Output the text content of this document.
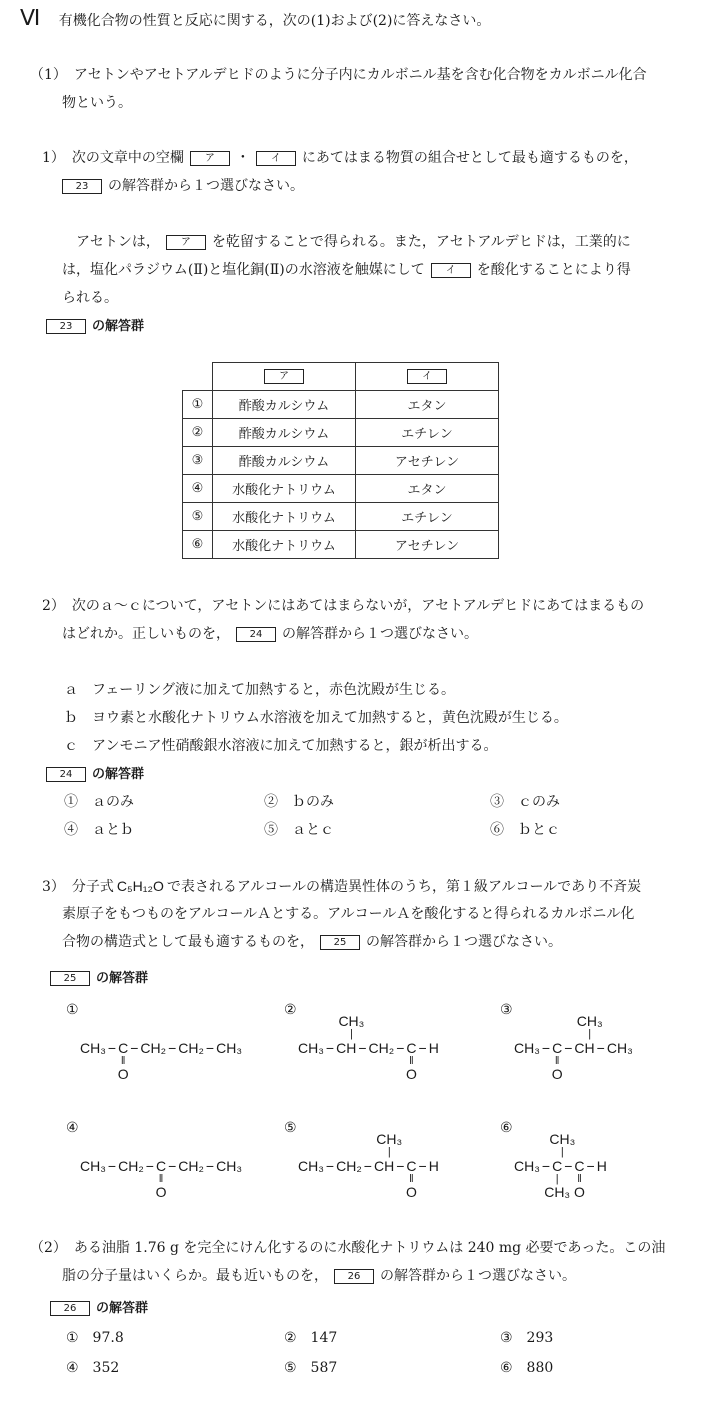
Ⅵ 有機化合物の性質と反応に関する，次の(1)および(2)に答えなさい。
（1）　アセトンやアセトアルデヒドのように分子内にカルボニル基を含む化合物をカルボニル化合
物という。
1）　次の文章中の空欄 ア ・ イ にあてはまる物質の組合せとして最も適するものを，
23 の解答群から１つ選びなさい。
アセトンは， ア を乾留することで得られる。また，アセトアルデヒドは，工業的に
は，塩化パラジウム(Ⅱ)と塩化銅(Ⅱ)の水溶液を触媒にして イ を酸化することにより得
られる。
23 の解答群
	ア	イ
①	酢酸カルシウム	エタン
②	酢酸カルシウム	エチレン
③	酢酸カルシウム	アセチレン
④	水酸化ナトリウム	エタン
⑤	水酸化ナトリウム	エチレン
⑥	水酸化ナトリウム	アセチレン
2）　次のａ～ｃについて，アセトンにはあてはまらないが，アセトアルデヒドにあてはまるもの
はどれか。正しいものを， 24 の解答群から１つ選びなさい。
ａ　フェーリング液に加えて加熱すると，赤色沈殿が生じる。
ｂ　ヨウ素と水酸化ナトリウム水溶液を加えて加熱すると，黄色沈殿が生じる。
ｃ　アンモニア性硝酸銀水溶液に加えて加熱すると，銀が析出する。
24 の解答群
①　ａのみ	②　ｂのみ	③　ｃのみ
④　ａとｂ	⑤　ａとｃ	⑥　ｂとｃ
3）　分子式 C₅H₁₂O で表されるアルコールの構造異性体のうち，第１級アルコールであり不斉炭
素原子をもつものをアルコールＡとする。アルコールＡを酸化すると得られるカルボニル化
合物の構造式として最も適するものを， 25 の解答群から１つ選びなさい。
25 の解答群
①
CH₃ − C
‖
O
− CH₂ − CH₂ − CH₃
②
CH₃ − CH
CH₃
|
− CH₂ − C
‖
O
− H
③
CH₃ − C
‖
O
− CH
CH₃
|
− CH₃
④
CH₃ − CH₂ − C
‖
O
− CH₂ − CH₃
⑤
CH₃ − CH₂ − CH
CH₃
|
− C
‖
O
− H
⑥
CH₃ − C
CH₃
|
|
CH₃
− C
‖
O
− H
（2）　ある油脂 1.76 g を完全にけん化するのに水酸化ナトリウムは 240 mg 必要であった。この油
脂の分子量はいくらか。最も近いものを， 26 の解答群から１つ選びなさい。
26 の解答群
①　97.8	②　147	③　293
④　352	⑤　587	⑥　880
